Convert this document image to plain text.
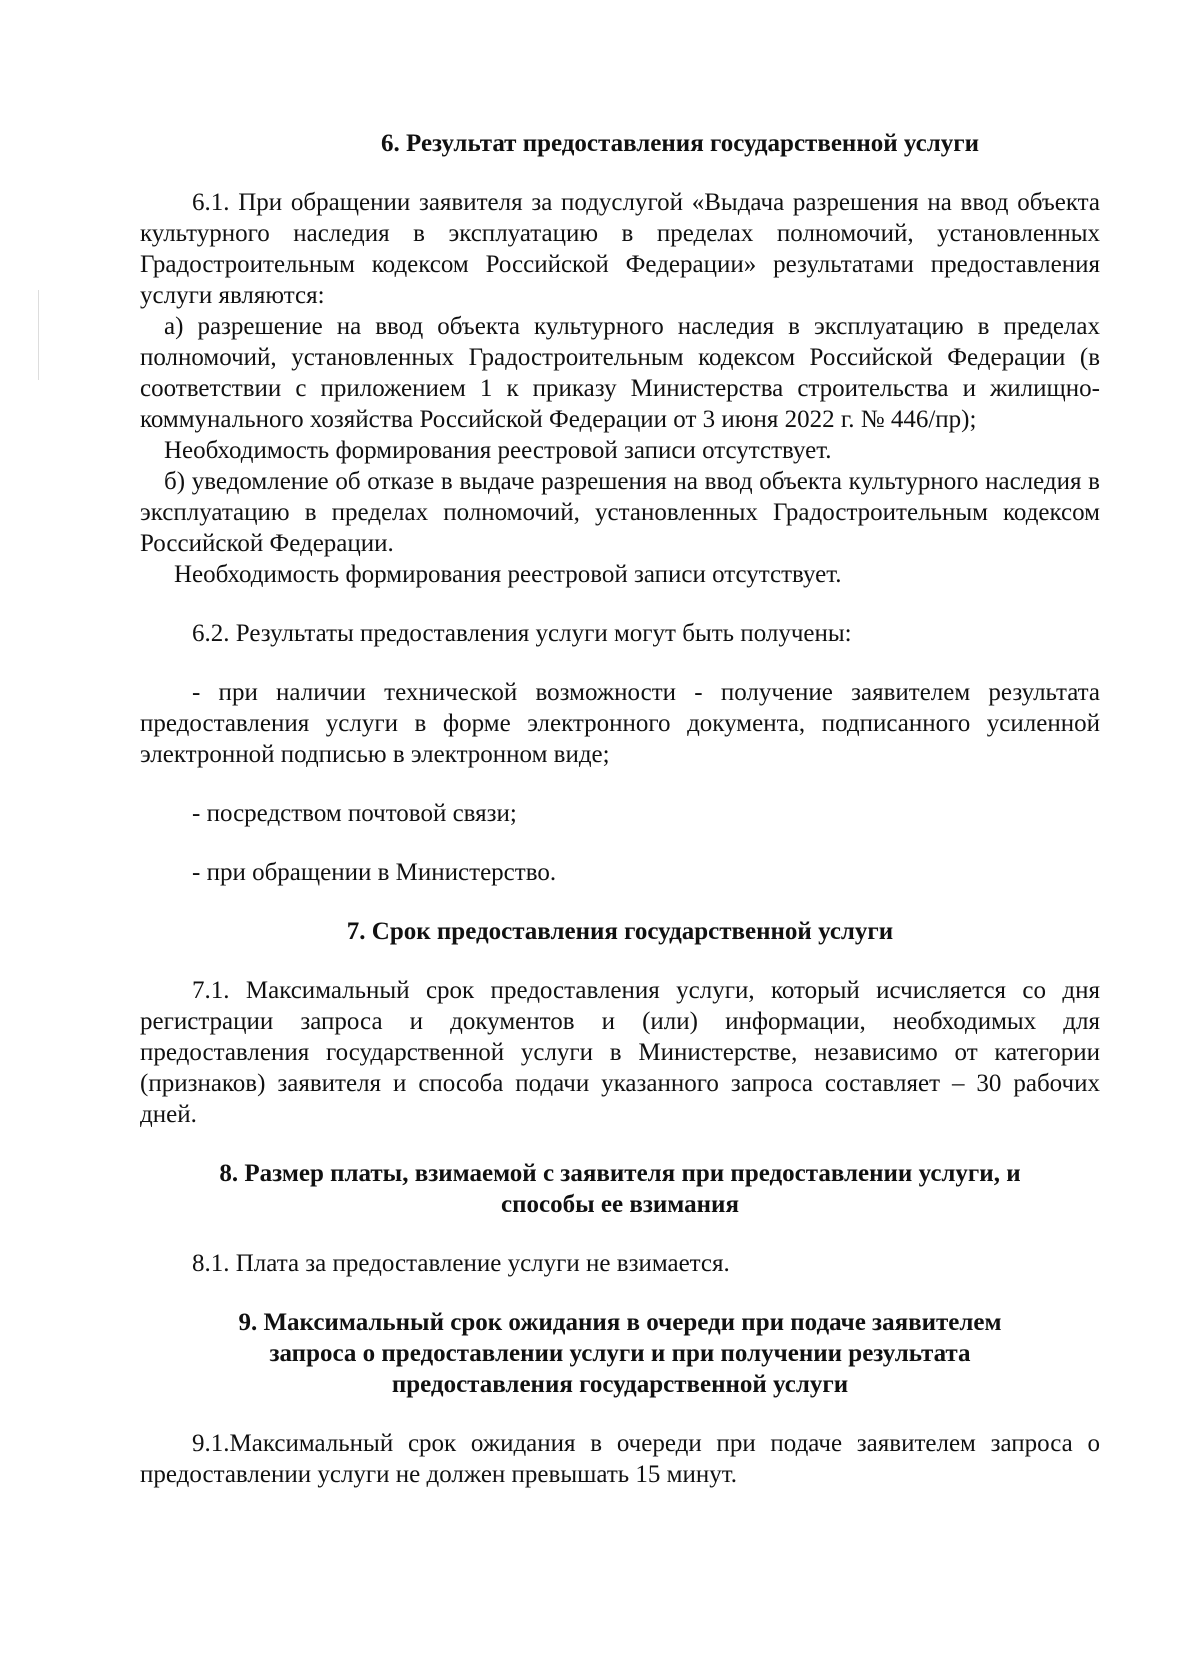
6. Результат предоставления государственной услуги

6.1. При обращении заявителя за подуслугой «Выдача разрешения на ввод объекта культурного наследия в эксплуатацию в пределах полномочий, установленных Градостроительным кодексом Российской Федерации» результатами предоставления услуги являются:

а) разрешение на ввод объекта культурного наследия в эксплуатацию в пределах полномочий, установленных Градостроительным кодексом Российской Федерации (в соответствии с приложением 1 к приказу Министерства строительства и жилищно-коммунального хозяйства Российской Федерации от 3 июня 2022 г. № 446/пр);

Необходимость формирования реестровой записи отсутствует.

б) уведомление об отказе в выдаче разрешения на ввод объекта культурного наследия в эксплуатацию в пределах полномочий, установленных Градостроительным кодексом Российской Федерации.

Необходимость формирования реестровой записи отсутствует.

6.2. Результаты предоставления услуги могут быть получены:

- при наличии технической возможности - получение заявителем результата предоставления услуги в форме электронного документа, подписанного усиленной электронной подписью в электронном виде;

- посредством почтовой связи;

- при обращении в Министерство.

7. Срок предоставления государственной услуги

7.1. Максимальный срок предоставления услуги, который исчисляется со дня регистрации запроса и документов и (или) информации, необходимых для предоставления государственной услуги в Министерстве, независимо от категории (признаков) заявителя и способа подачи указанного запроса составляет – 30 рабочих дней.

8. Размер платы, взимаемой с заявителя при предоставлении услуги, и

способы ее взимания

8.1. Плата за предоставление услуги не взимается.

9. Максимальный срок ожидания в очереди при подаче заявителем

запроса о предоставлении услуги и при получении результата

предоставления государственной услуги

9.1.Максимальный срок ожидания в очереди при подаче заявителем запроса о предоставлении услуги не должен превышать 15 минут.
